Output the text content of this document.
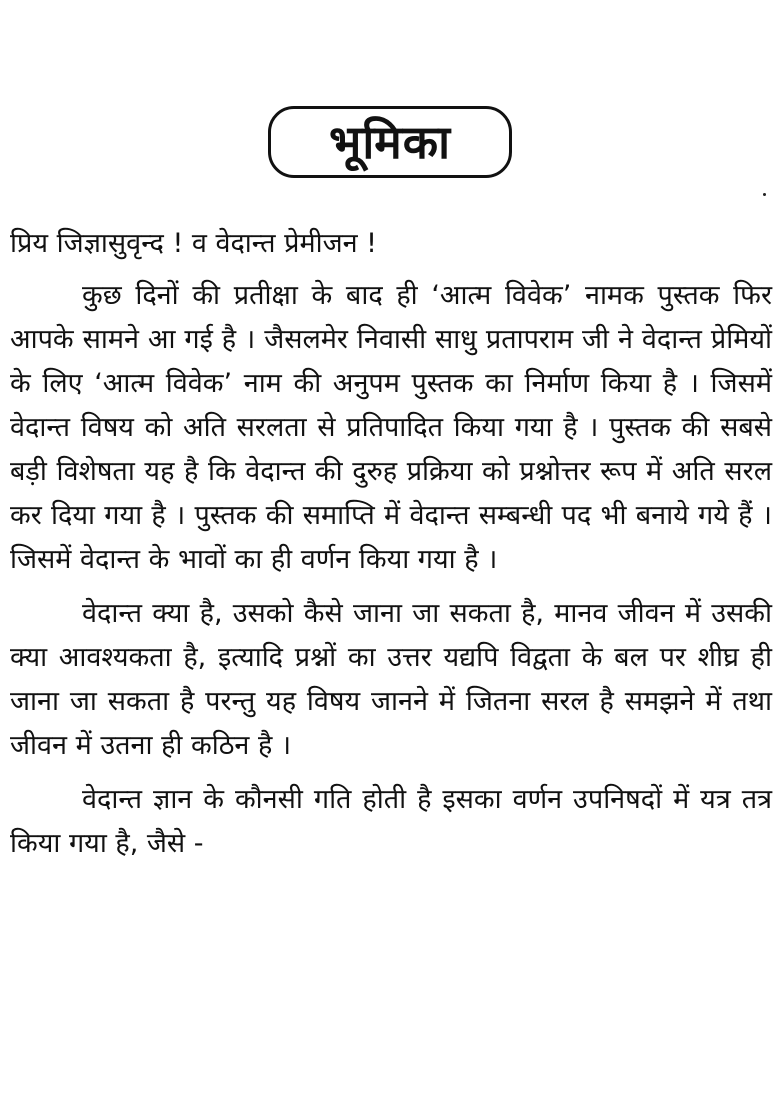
भूमिका

प्रिय जिज्ञासुवृन्द ! व वेदान्त प्रेमीजन !

कुछ दिनों की प्रतीक्षा के बाद ही ‘आत्म विवेक’ नामक पुस्तक फिर आपके सामने आ गई है । जैसलमेर निवासी साधु प्रतापराम जी ने वेदान्त प्रेमियों के लिए ‘आत्म विवेक’ नाम की अनुपम पुस्तक का निर्माण किया है । जिसमें वेदान्त विषय को अति सरलता से प्रतिपादित किया गया है । पुस्तक की सबसे बड़ी विशेषता यह है कि वेदान्त की दुरुह प्रक्रिया को प्रश्नोत्तर रूप में अति सरल कर दिया गया है । पुस्तक की समाप्ति में वेदान्त सम्बन्धी पद भी बनाये गये हैं । जिसमें वेदान्त के भावों का ही वर्णन किया गया है ।

वेदान्त क्या है, उसको कैसे जाना जा सकता है, मानव जीवन में उसकी क्या आवश्यकता है, इत्यादि प्रश्नों का उत्तर यद्यपि विद्वता के बल पर शीघ्र ही जाना जा सकता है परन्तु यह विषय जानने में जितना सरल है समझने में तथा जीवन में उतना ही कठिन है ।

वेदान्त ज्ञान के कौनसी गति होती है इसका वर्णन उपनिषदों में यत्र तत्र किया गया है, जैसे -
